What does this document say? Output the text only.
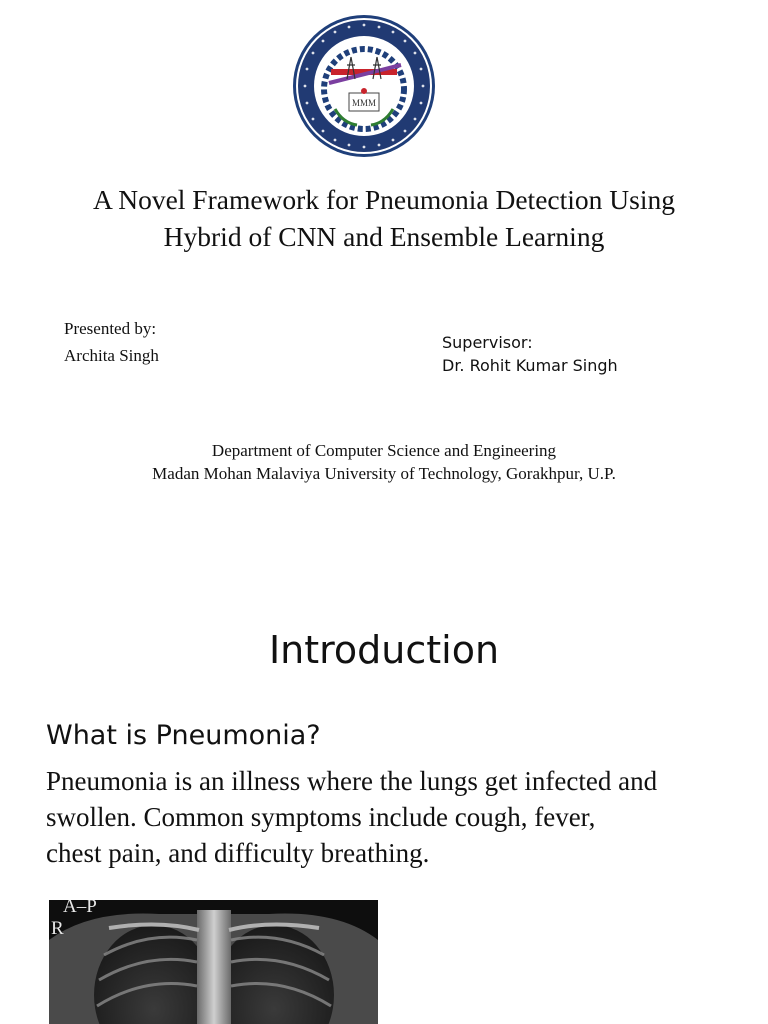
MMM
A Novel Framework for Pneumonia Detection Using
Hybrid of CNN and Ensemble Learning
Presented by:
Archita Singh
Supervisor:
Dr. Rohit Kumar Singh
Department of Computer Science and Engineering
Madan Mohan Malaviya University of Technology, Gorakhpur, U.P.
Introduction
What is Pneumonia?
Pneumonia is an illness where the lungs get infected and
swollen. Common symptoms include cough, fever,
chest pain, and difficulty breathing.
A–P
R
